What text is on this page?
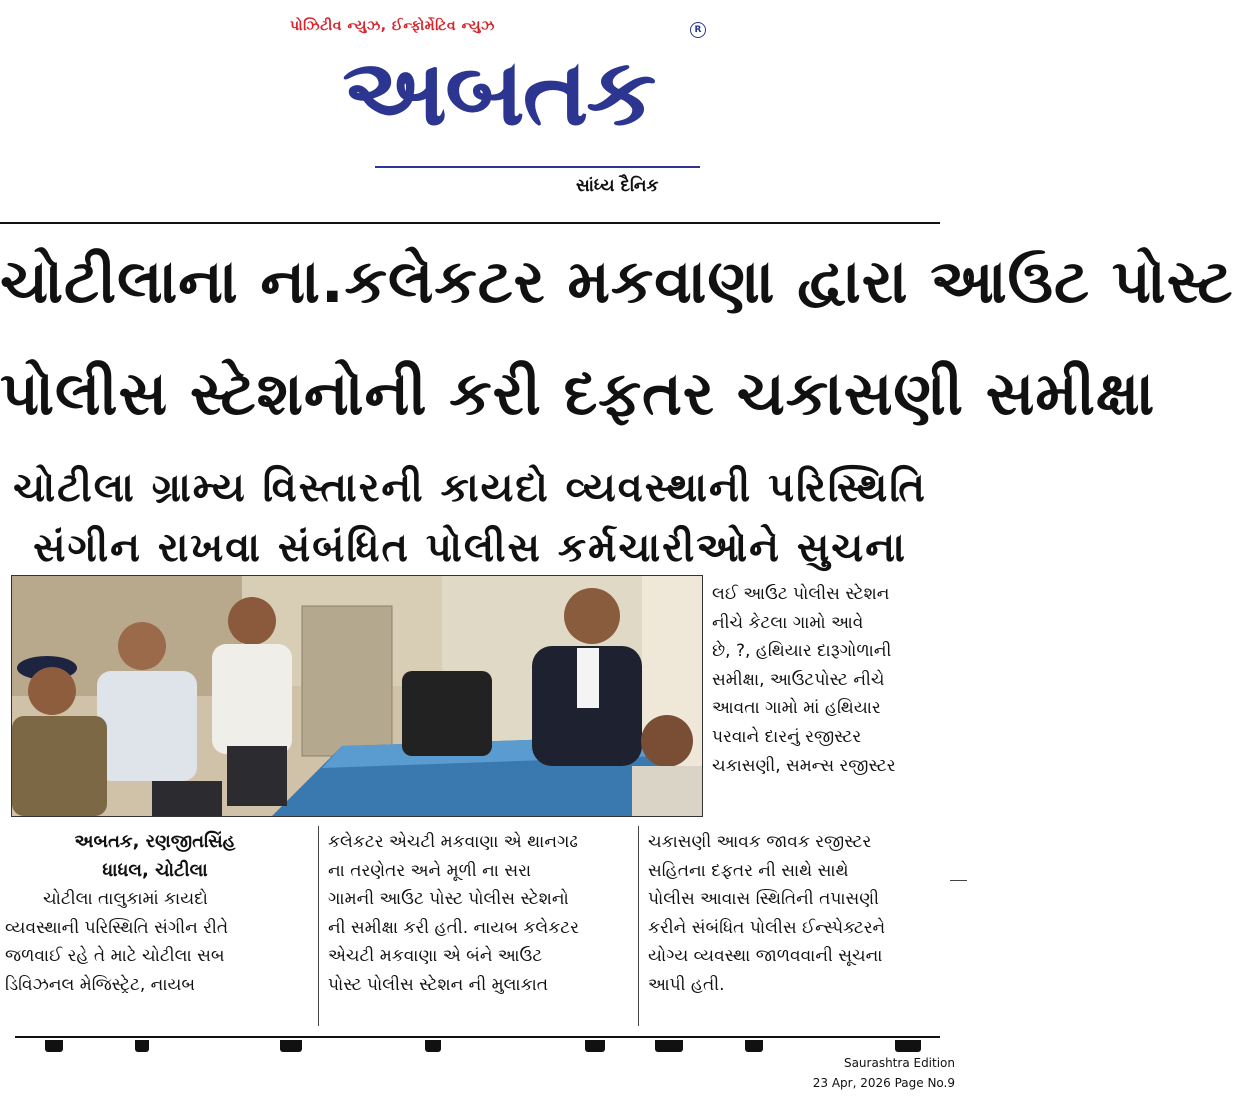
પોઝિટીવ ન્યુઝ, ઈન્ફોર્મેટિવ ન્યુઝ	R
અબતક
સાંધ્ય દૈનિક
ચોટીલાના ના.કલેકટર મકવાણા દ્વારા આઉટ પોસ્ટ
પોલીસ સ્ટેશનોની કરી દફતર ચકાસણી સમીક્ષા
ચોટીલા ગ્રામ્ય વિસ્તારની કાયદો વ્યવસ્થાની પરિસ્થિતિ
સંગીન રાખવા સંબંધિત પોલીસ કર્મચારીઓને સુચના

લઈ આઉટ પોલીસ સ્ટેશન

નીચે કેટલા ગામો આવે

છે, ?, હથિયાર દારૂગોળાની

સમીક્ષા, આઉટપોસ્ટ નીચે

આવતા ગામો માં હથિયાર

પરવાને દારનું રજીસ્ટર

ચકાસણી, સમન્સ રજીસ્ટર

અબતક, રણજીતસિંહ

ધાધલ, ચોટીલા

ચોટીલા તાલુકામાં કાયદો

વ્યવસ્થાની પરિસ્થિતિ સંગીન રીતે

જળવાઈ રહે તે માટે ચોટીલા સબ

ડિવિઝનલ મેજિસ્ટ્રેટ, નાયબ

કલેકટર એચટી મકવાણા એ થાનગઢ

ના તરણેતર અને મૂળી ના સરા

ગામની આઉટ પોસ્ટ પોલીસ સ્ટેશનો

ની સમીક્ષા કરી હતી. નાયબ કલેકટર

એચટી મકવાણા એ બંને આઉટ

પોસ્ટ પોલીસ સ્ટેશન ની મુલાકાત

ચકાસણી આવક જાવક રજીસ્ટર

સહિતના દફતર ની સાથે સાથે

પોલીસ આવાસ સ્થિતિની તપાસણી

કરીને સંબંધિત પોલીસ ઈન્સ્પેક્ટરને

યોગ્ય વ્યવસ્થા જાળવવાની સૂચના

આપી હતી.

Saurashtra Edition
23 Apr, 2026 Page No.9
